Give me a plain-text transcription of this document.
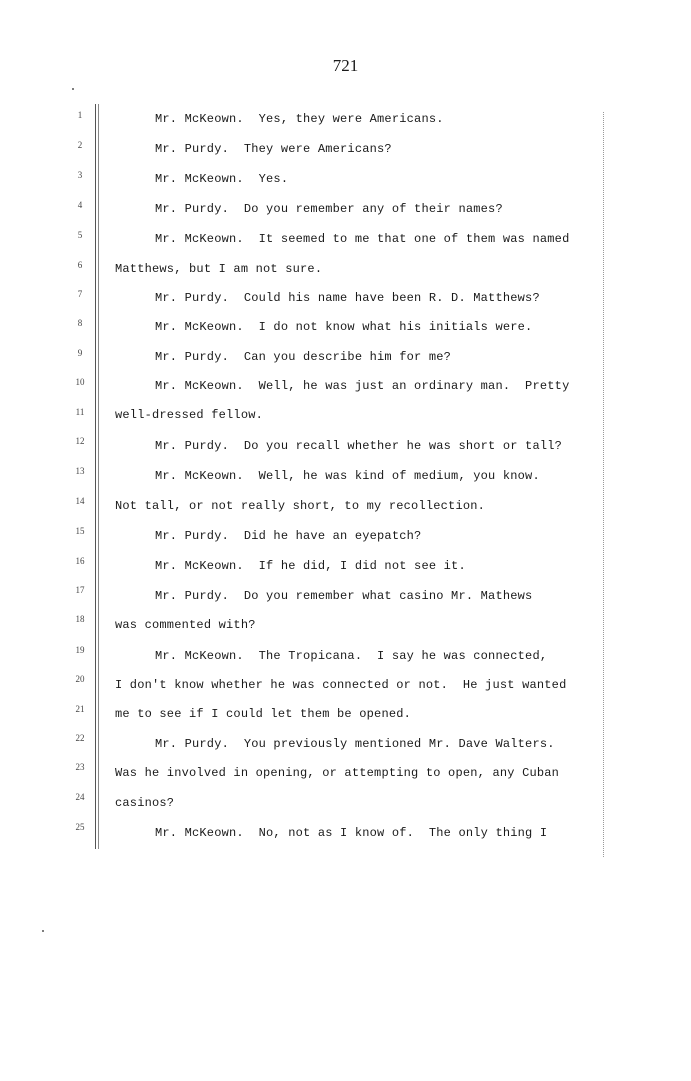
721
1
2
3
4
5
6
7
8
9
10
11
12
13
14
15
16
17
18
19
20
21
22
23
24
25
Mr. McKeown.  Yes, they were Americans.
Mr. Purdy.  They were Americans?
Mr. McKeown.  Yes.
Mr. Purdy.  Do you remember any of their names?
Mr. McKeown.  It seemed to me that one of them was named
Matthews, but I am not sure.
Mr. Purdy.  Could his name have been R. D. Matthews?
Mr. McKeown.  I do not know what his initials were.
Mr. Purdy.  Can you describe him for me?
Mr. McKeown.  Well, he was just an ordinary man.  Pretty
well-dressed fellow.
Mr. Purdy.  Do you recall whether he was short or tall?
Mr. McKeown.  Well, he was kind of medium, you know.
Not tall, or not really short, to my recollection.
Mr. Purdy.  Did he have an eyepatch?
Mr. McKeown.  If he did, I did not see it.
Mr. Purdy.  Do you remember what casino Mr. Mathews
was commented with?
Mr. McKeown.  The Tropicana.  I say he was connected,
I don't know whether he was connected or not.  He just wanted
me to see if I could let them be opened.
Mr. Purdy.  You previously mentioned Mr. Dave Walters.
Was he involved in opening, or attempting to open, any Cuban
casinos?
Mr. McKeown.  No, not as I know of.  The only thing I
